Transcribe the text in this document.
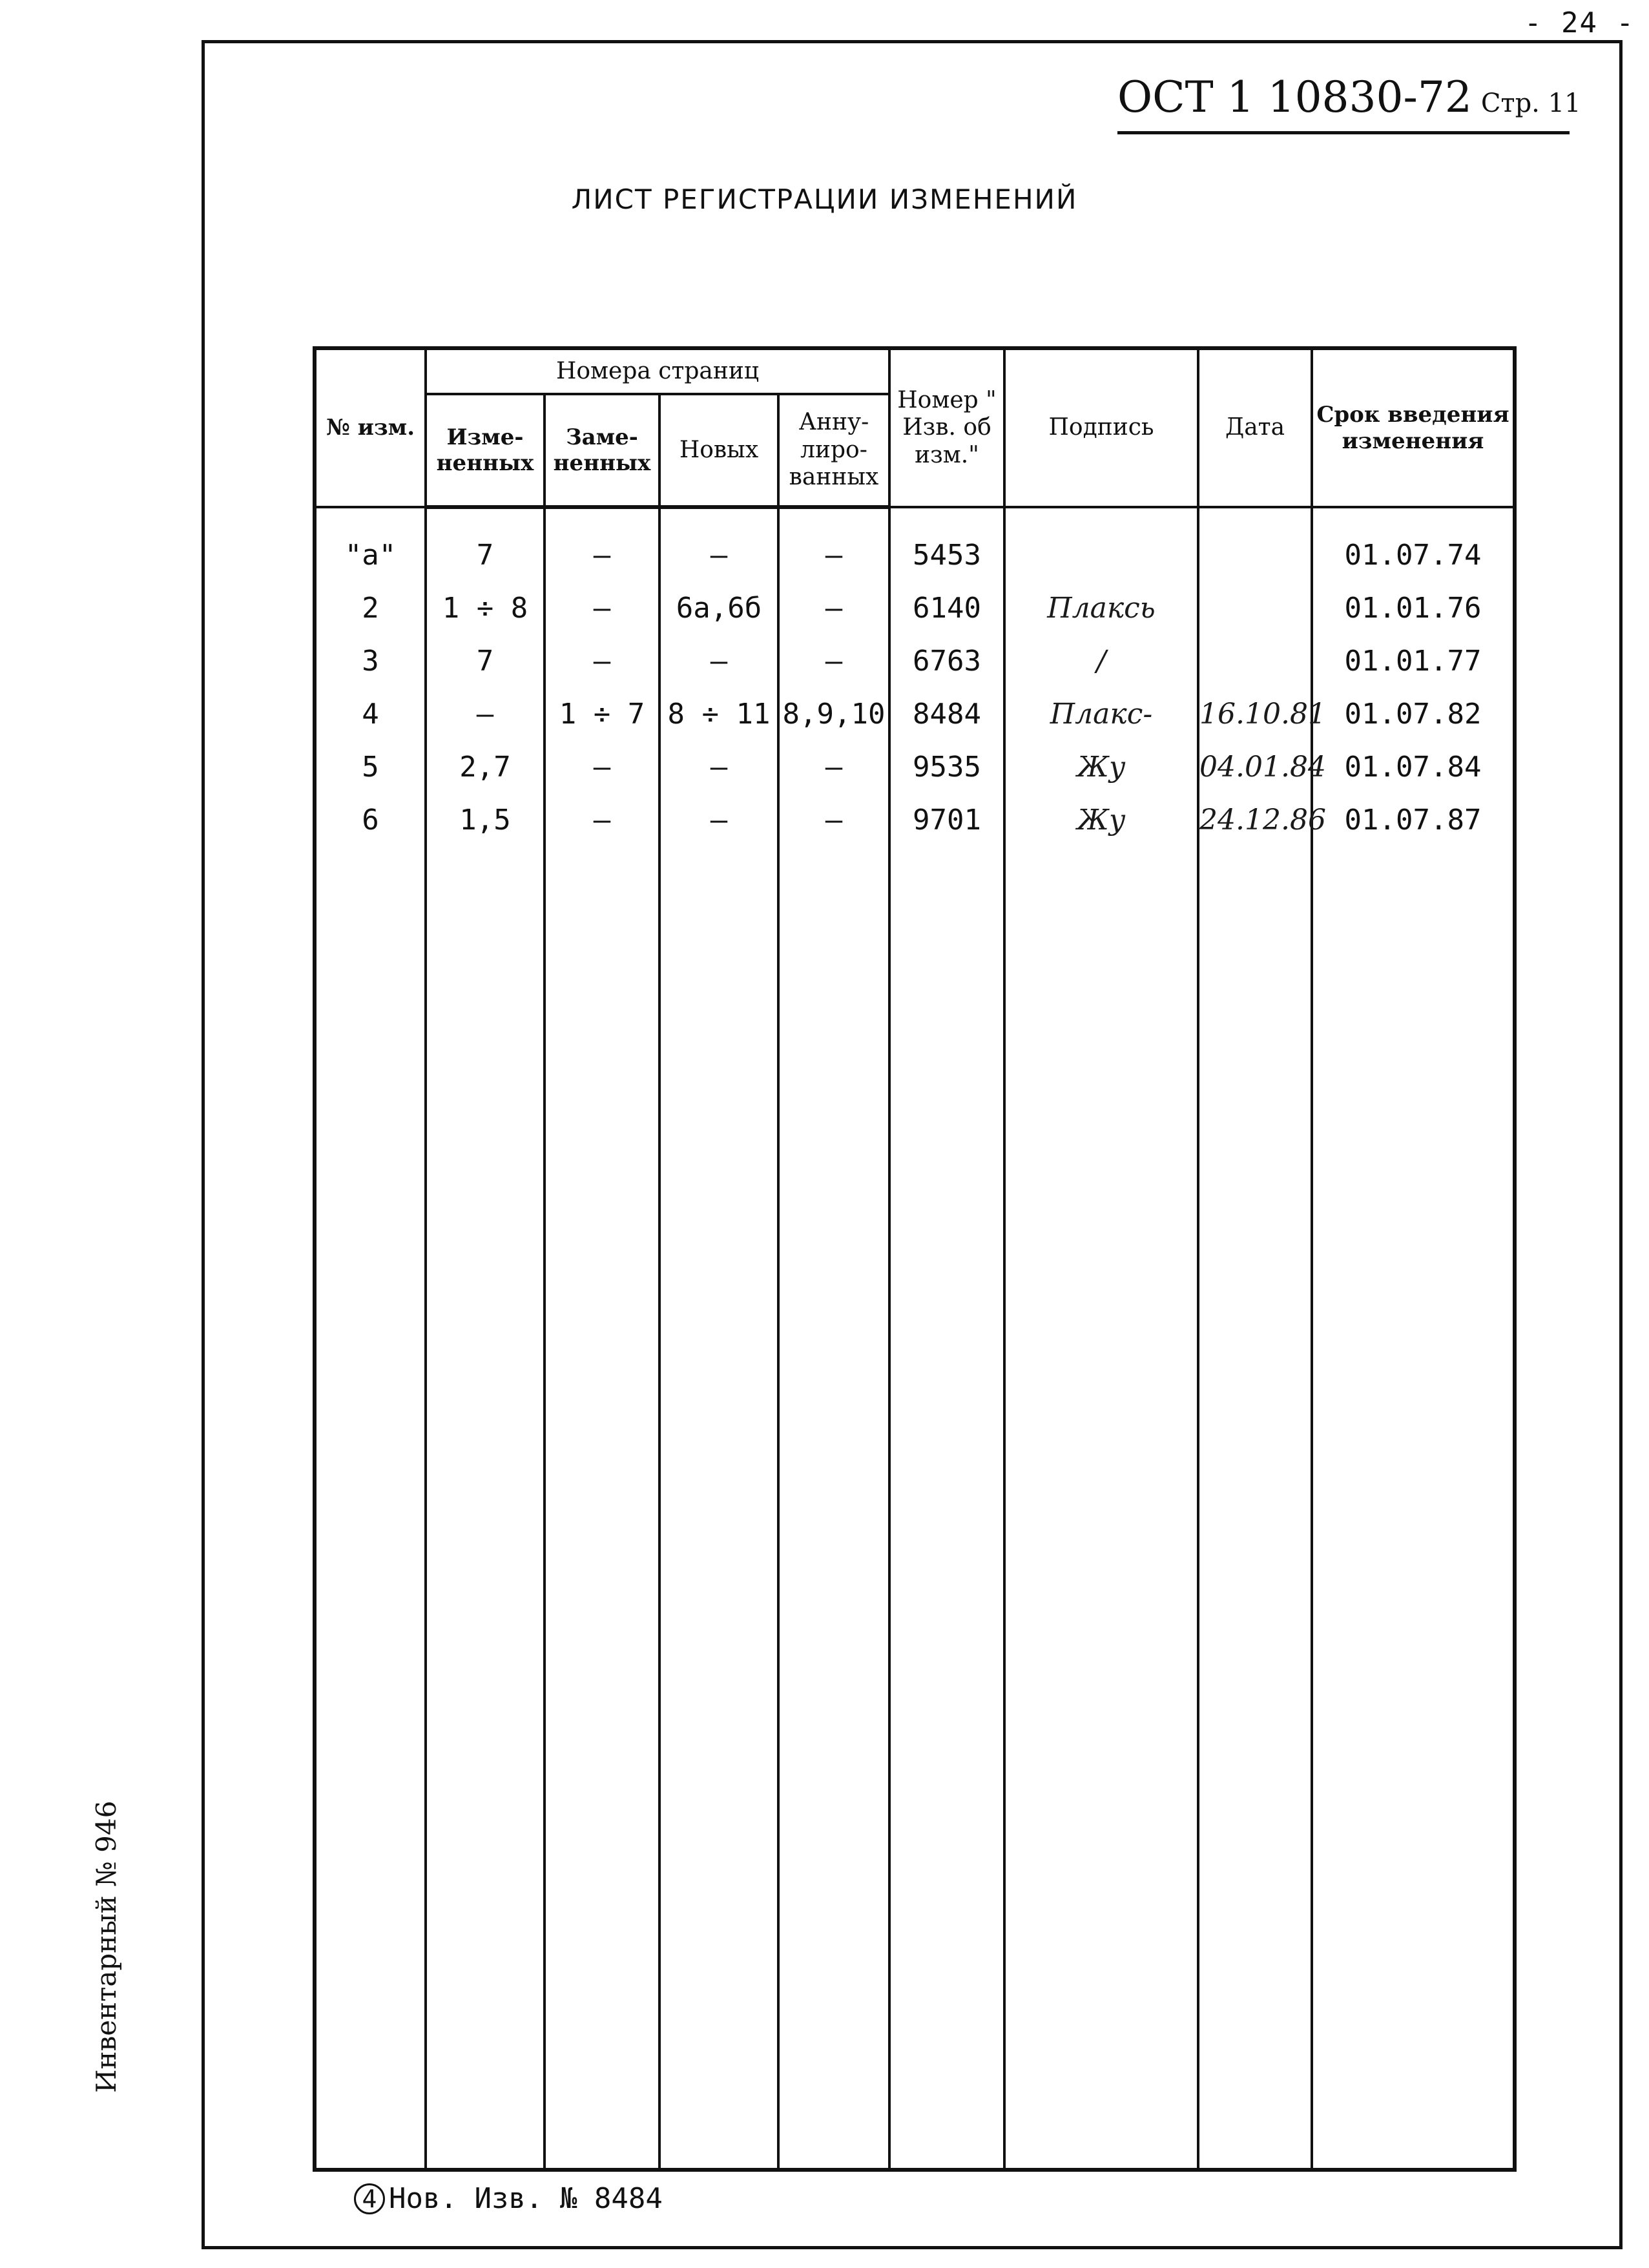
- 24 -
ОСТ 1 10830-72 Стр. 11
ЛИСТ РЕГИСТРАЦИИ ИЗМЕНЕНИЙ
№ изм.	Номера страниц				Номер " Изв. об изм."	Подпись	Дата	Срок введения изменения
	Изме-ненных	Заме-ненных	Новых	Анну-лиро-ванных				

"а"	7	–	–	–	5453			01.07.74
2	1 ÷ 8	–	6а,6б	–	6140	Плаксь		01.01.76
3	7	–	–	–	6763	/		01.01.77
4	–	1 ÷ 7	8 ÷ 11	8,9,10	8484	Плакс-	16.10.81	01.07.82
5	2,7	–	–	–	9535	Жу	04.01.84	01.07.84
6	1,5	–	–	–	9701	Жу	24.12.86	01.07.87

4 Нов. Изв. № 8484
Инвентарный № 946
